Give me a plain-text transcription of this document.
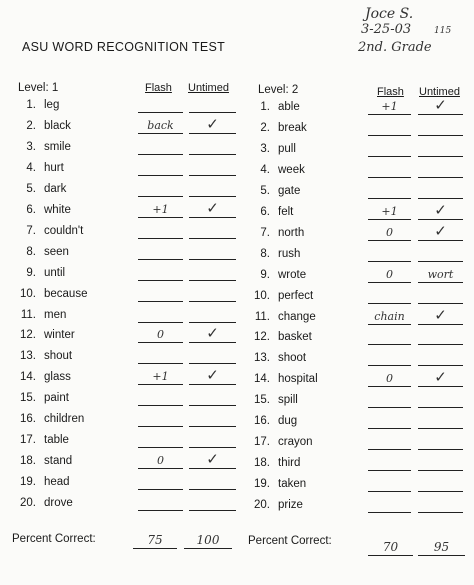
ASU WORD RECOGNITION TEST
Joce S.
3-25-03
2nd. Grade
115
Level: 1	Flash Untimed	Level: 2	Flash Untimed
1. leg
2. black	back	✓
3. smile
4. hurt
5. dark
6. white	+1	✓
7. couldn't
8. seen
9. until
10. because
11. men
12. winter	0	✓
13. shout
14. glass	+1	✓
15. paint
16. children
17. table
18. stand	0	✓
19. head
20. drove
1. able	+1	✓
2. break
3. pull
4. week
5. gate
6. felt	+1	✓
7. north	0	✓
8. rush
9. wrote	0	wort
10. perfect
11. change	chain	✓
12. basket
13. shoot
14. hospital	0	✓
15. spill
16. dug
17. crayon
18. third
19. taken
20. prize
Percent Correct:	75	100	Percent Correct:	70	95
